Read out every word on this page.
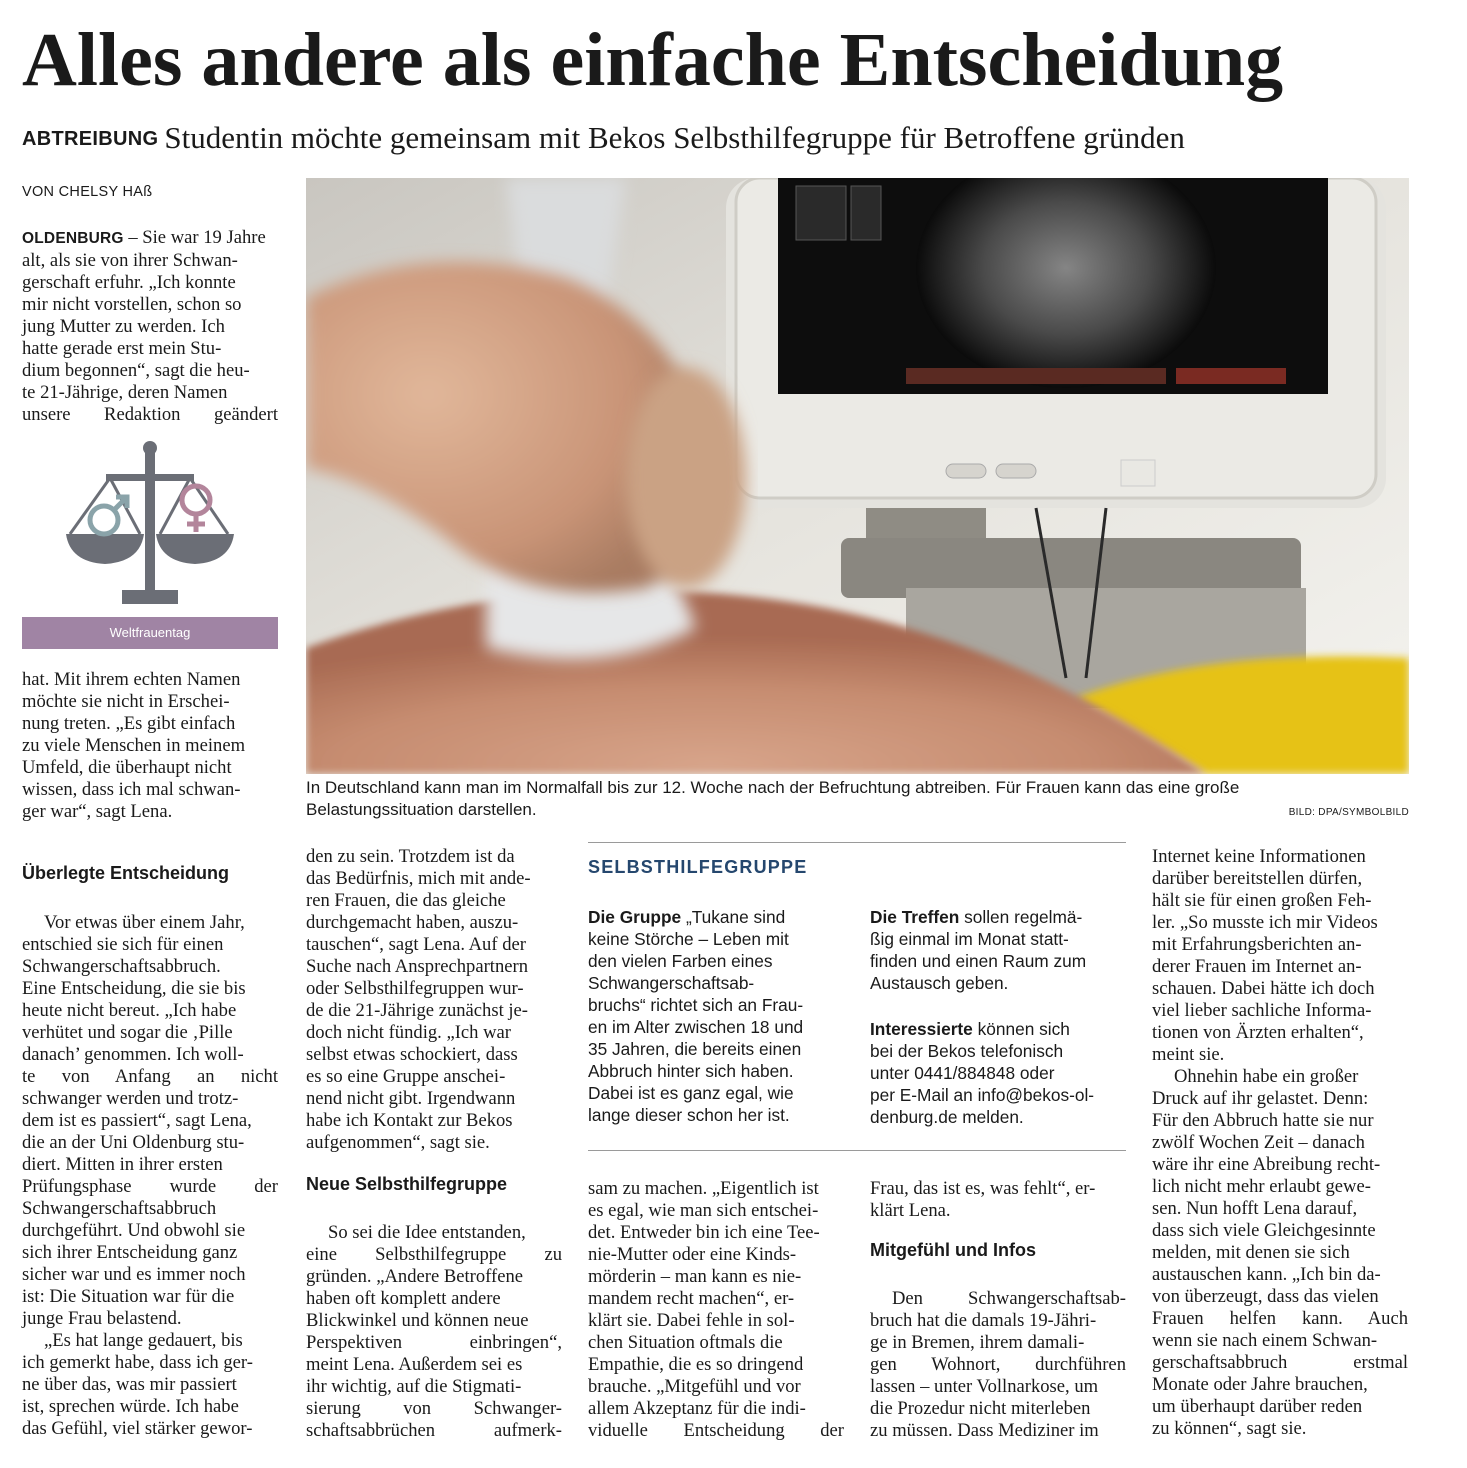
Alles andere als einfache Entscheidung
ABTREIBUNG Studentin möchte gemeinsam mit Bekos Selbsthilfegruppe für Betroffene gründen
VON CHELSY HAß

OLDENBURG – Sie war 19 Jahre

alt, als sie von ihrer Schwan-

gerschaft erfuhr. „Ich konnte

mir nicht vorstellen, schon so

jung Mutter zu werden. Ich

hatte gerade erst mein Stu-

dium begonnen“, sagt die heu-

te 21-Jährige, deren Namen

unsere Redaktion geändert

Weltfrauentag

hat. Mit ihrem echten Namen

möchte sie nicht in Erschei-

nung treten. „Es gibt einfach

zu viele Menschen in meinem

Umfeld, die überhaupt nicht

wissen, dass ich mal schwan-

ger war“, sagt Lena.

Überlegte Entscheidung

Vor etwas über einem Jahr,

entschied sie sich für einen

Schwangerschaftsabbruch.

Eine Entscheidung, die sie bis

heute nicht bereut. „Ich habe

verhütet und sogar die ‚Pille

danach’ genommen. Ich woll-

te von Anfang an nicht

schwanger werden und trotz-

dem ist es passiert“, sagt Lena,

die an der Uni Oldenburg stu-

diert. Mitten in ihrer ersten

Prüfungsphase wurde der

Schwangerschaftsabbruch

durchgeführt. Und obwohl sie

sich ihrer Entscheidung ganz

sicher war und es immer noch

ist: Die Situation war für die

junge Frau belastend.

„Es hat lange gedauert, bis

ich gemerkt habe, dass ich ger-

ne über das, was mir passiert

ist, sprechen würde. Ich habe

das Gefühl, viel stärker gewor-

In Deutschland kann man im Normalfall bis zur 12. Woche nach der Befruchtung abtreiben. Für Frauen kann das eine große
Belastungssituation darstellen.	BILD: DPA/SYMBOLBILD

den zu sein. Trotzdem ist da

das Bedürfnis, mich mit ande-

ren Frauen, die das gleiche

durchgemacht haben, auszu-

tauschen“, sagt Lena. Auf der

Suche nach Ansprechpartnern

oder Selbsthilfegruppen wur-

de die 21-Jährige zunächst je-

doch nicht fündig. „Ich war

selbst etwas schockiert, dass

es so eine Gruppe anschei-

nend nicht gibt. Irgendwann

habe ich Kontakt zur Bekos

aufgenommen“, sagt sie.

Neue Selbsthilfegruppe

So sei die Idee entstanden,

eine Selbsthilfegruppe zu

gründen. „Andere Betroffene

haben oft komplett andere

Blickwinkel und können neue

Perspektiven einbringen“,

meint Lena. Außerdem sei es

ihr wichtig, auf die Stigmati-

sierung von Schwanger-

schaftsabbrüchen aufmerk-

SELBSTHILFEGRUPPE

Die Gruppe „Tukane sind

keine Störche – Leben mit

den vielen Farben eines

Schwangerschaftsab-

bruchs“ richtet sich an Frau-

en im Alter zwischen 18 und

35 Jahren, die bereits einen

Abbruch hinter sich haben.

Dabei ist es ganz egal, wie

lange dieser schon her ist.

Die Treffen sollen regelmä-

ßig einmal im Monat statt-

finden und einen Raum zum

Austausch geben.

Interessierte können sich

bei der Bekos telefonisch

unter 0441/884848 oder

per E-Mail an info@bekos-ol-

denburg.de melden.

sam zu machen. „Eigentlich ist

es egal, wie man sich entschei-

det. Entweder bin ich eine Tee-

nie-Mutter oder eine Kinds-

mörderin – man kann es nie-

mandem recht machen“, er-

klärt sie. Dabei fehle in sol-

chen Situation oftmals die

Empathie, die es so dringend

brauche. „Mitgefühl und vor

allem Akzeptanz für die indi-

viduelle Entscheidung der

Frau, das ist es, was fehlt“, er-

klärt Lena.

Mitgefühl und Infos

Den Schwangerschaftsab-

bruch hat die damals 19-Jähri-

ge in Bremen, ihrem damali-

gen Wohnort, durchführen

lassen – unter Vollnarkose, um

die Prozedur nicht miterleben

zu müssen. Dass Mediziner im

Internet keine Informationen

darüber bereitstellen dürfen,

hält sie für einen großen Feh-

ler. „So musste ich mir Videos

mit Erfahrungsberichten an-

derer Frauen im Internet an-

schauen. Dabei hätte ich doch

viel lieber sachliche Informa-

tionen von Ärzten erhalten“,

meint sie.

Ohnehin habe ein großer

Druck auf ihr gelastet. Denn:

Für den Abbruch hatte sie nur

zwölf Wochen Zeit – danach

wäre ihr eine Abreibung recht-

lich nicht mehr erlaubt gewe-

sen. Nun hofft Lena darauf,

dass sich viele Gleichgesinnte

melden, mit denen sie sich

austauschen kann. „Ich bin da-

von überzeugt, dass das vielen

Frauen helfen kann. Auch

wenn sie nach einem Schwan-

gerschaftsabbruch erstmal

Monate oder Jahre brauchen,

um überhaupt darüber reden

zu können“, sagt sie.
